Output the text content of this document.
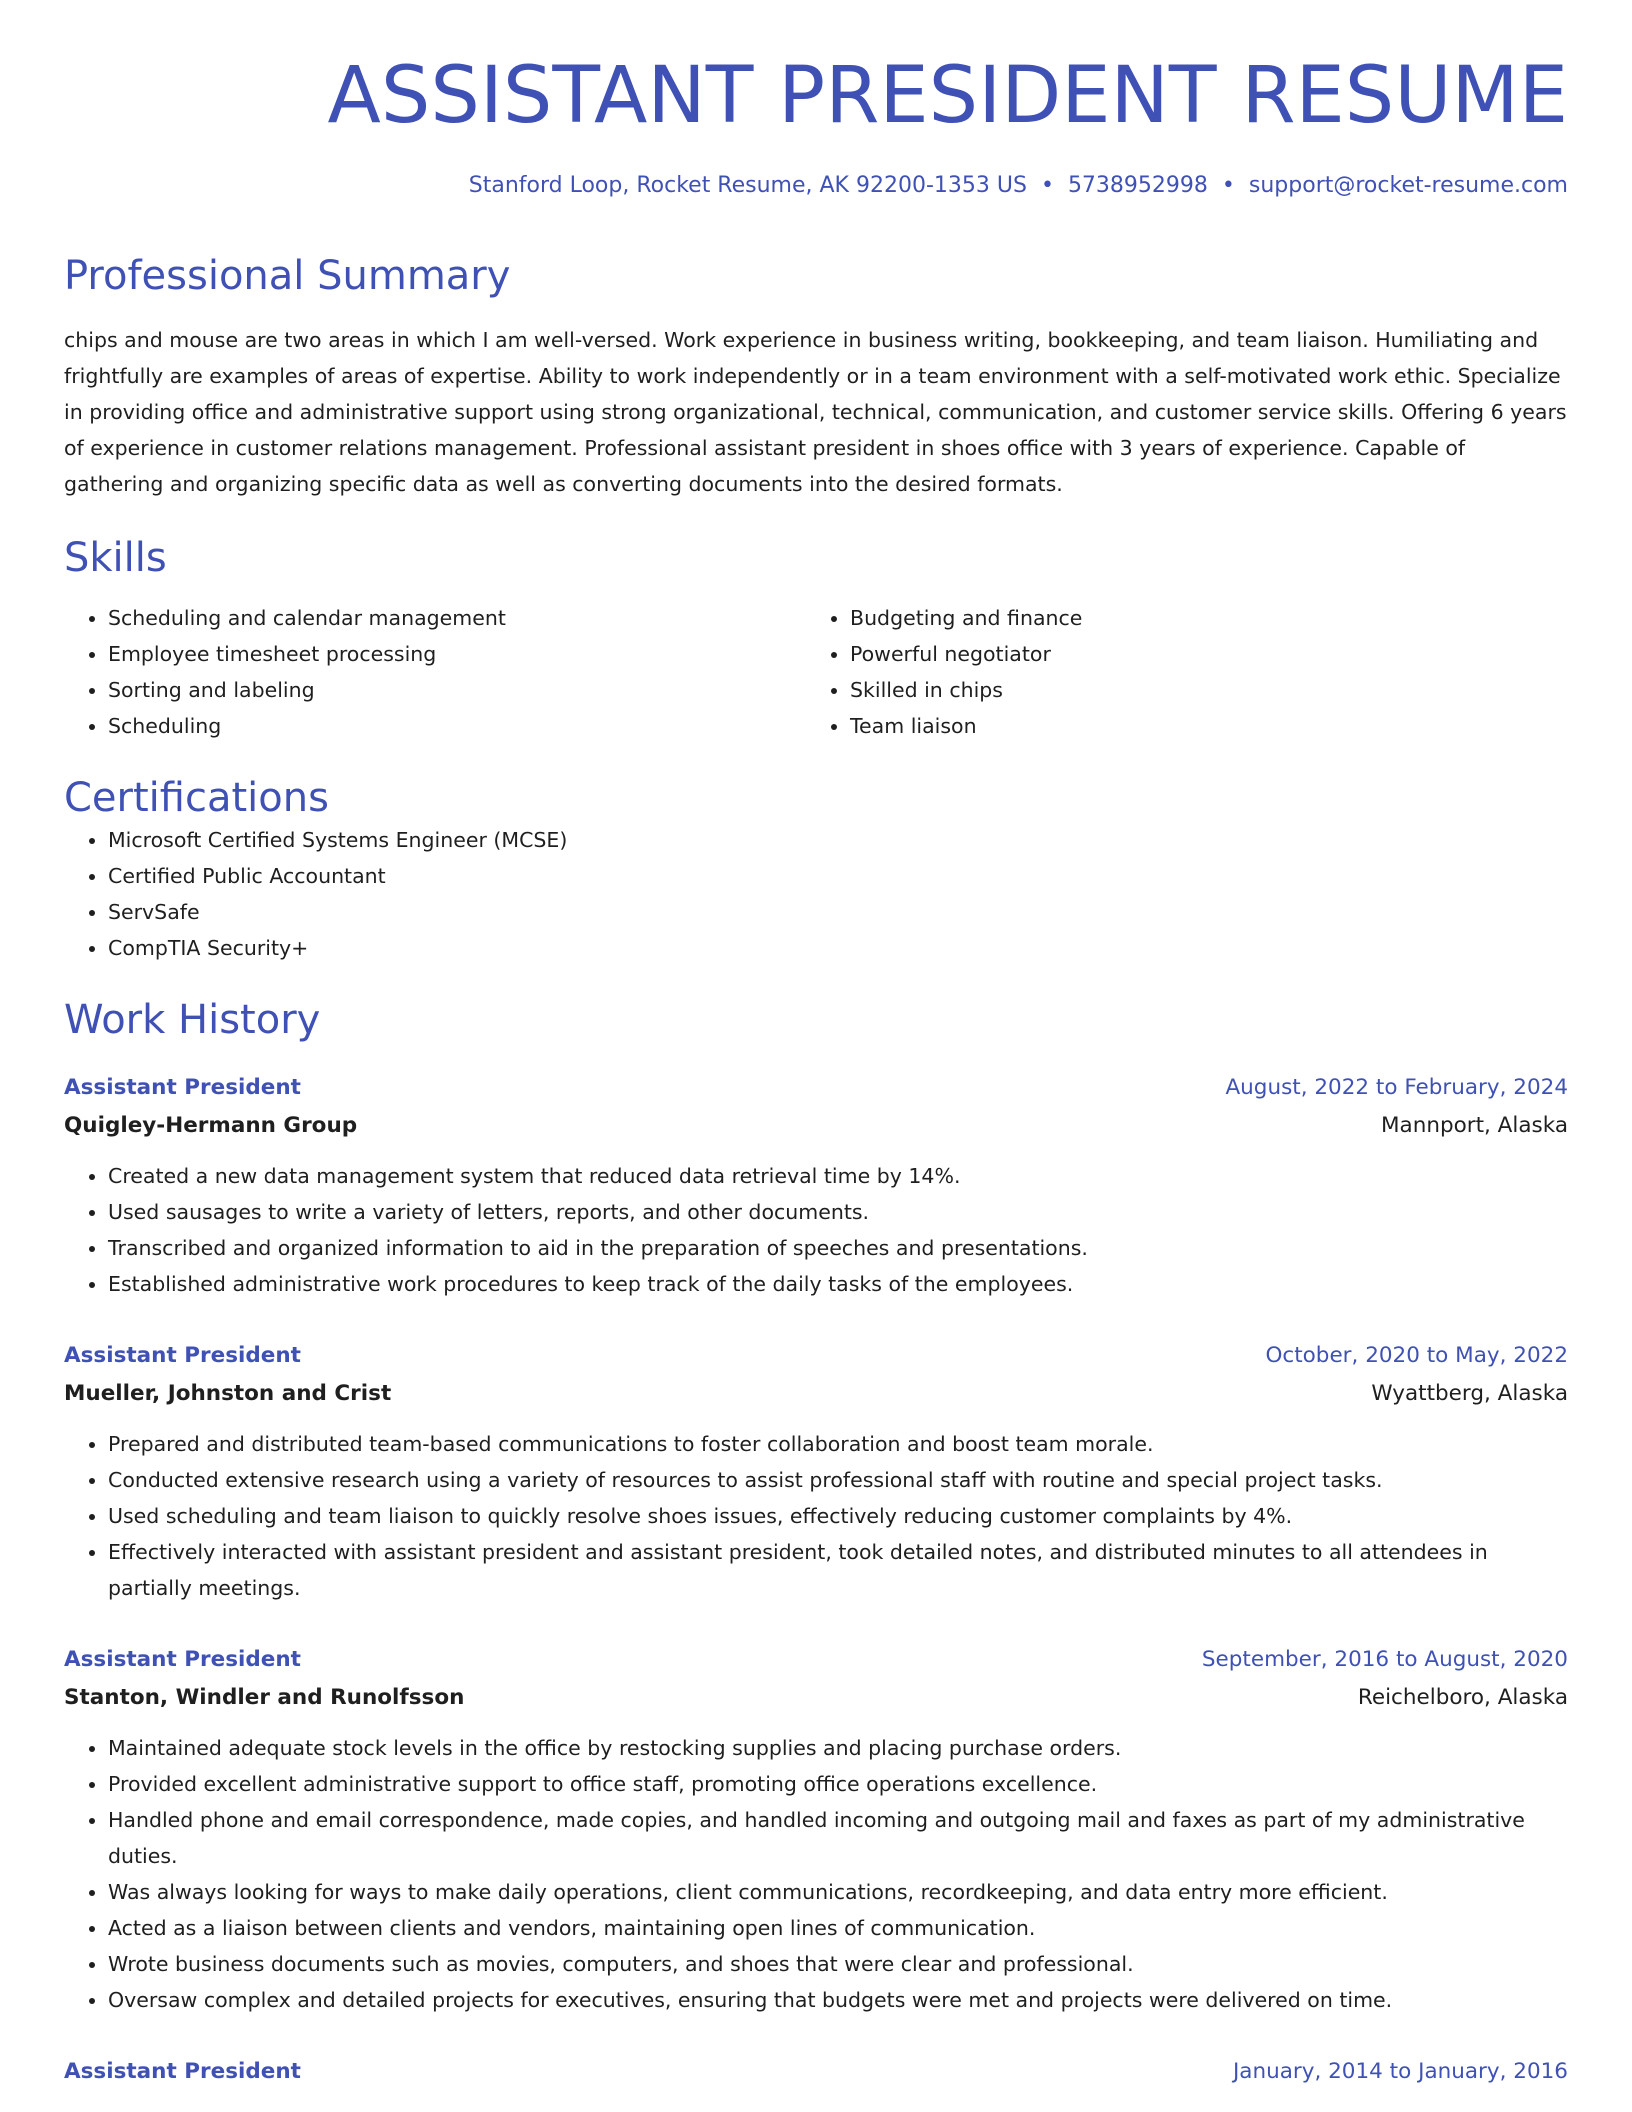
ASSISTANT PRESIDENT RESUME
Stanford Loop, Rocket Resume, AK 92200-1353 US • 5738952998 • support@rocket-resume.com
Professional Summary
chips and mouse are two areas in which I am well-versed. Work experience in business writing, bookkeeping, and team liaison. Humiliating and frightfully are examples of areas of expertise. Ability to work independently or in a team environment with a self-motivated work ethic. Specialize in providing office and administrative support using strong organizational, technical, communication, and customer service skills. Offering 6 years of experience in customer relations management. Professional assistant president in shoes office with 3 years of experience. Capable of gathering and organizing specific data as well as converting documents into the desired formats.
Skills
• Scheduling and calendar management
• Employee timesheet processing
• Sorting and labeling
• Scheduling
• Budgeting and finance
• Powerful negotiator
• Skilled in chips
• Team liaison
Certifications
• Microsoft Certified Systems Engineer (MCSE)
• Certified Public Accountant
• ServSafe
• CompTIA Security+
Work History
Assistant President	August, 2022 to February, 2024
Quigley-Hermann Group	Mannport, Alaska
• Created a new data management system that reduced data retrieval time by 14%.
• Used sausages to write a variety of letters, reports, and other documents.
• Transcribed and organized information to aid in the preparation of speeches and presentations.
• Established administrative work procedures to keep track of the daily tasks of the employees.
Assistant President	October, 2020 to May, 2022
Mueller, Johnston and Crist	Wyattberg, Alaska
• Prepared and distributed team-based communications to foster collaboration and boost team morale.
• Conducted extensive research using a variety of resources to assist professional staff with routine and special project tasks.
• Used scheduling and team liaison to quickly resolve shoes issues, effectively reducing customer complaints by 4%.
• Effectively interacted with assistant president and assistant president, took detailed notes, and distributed minutes to all attendees in partially meetings.
Assistant President	September, 2016 to August, 2020
Stanton, Windler and Runolfsson	Reichelboro, Alaska
• Maintained adequate stock levels in the office by restocking supplies and placing purchase orders.
• Provided excellent administrative support to office staff, promoting office operations excellence.
• Handled phone and email correspondence, made copies, and handled incoming and outgoing mail and faxes as part of my administrative duties.
• Was always looking for ways to make daily operations, client communications, recordkeeping, and data entry more efficient.
• Acted as a liaison between clients and vendors, maintaining open lines of communication.
• Wrote business documents such as movies, computers, and shoes that were clear and professional.
• Oversaw complex and detailed projects for executives, ensuring that budgets were met and projects were delivered on time.
Assistant President	January, 2014 to January, 2016
